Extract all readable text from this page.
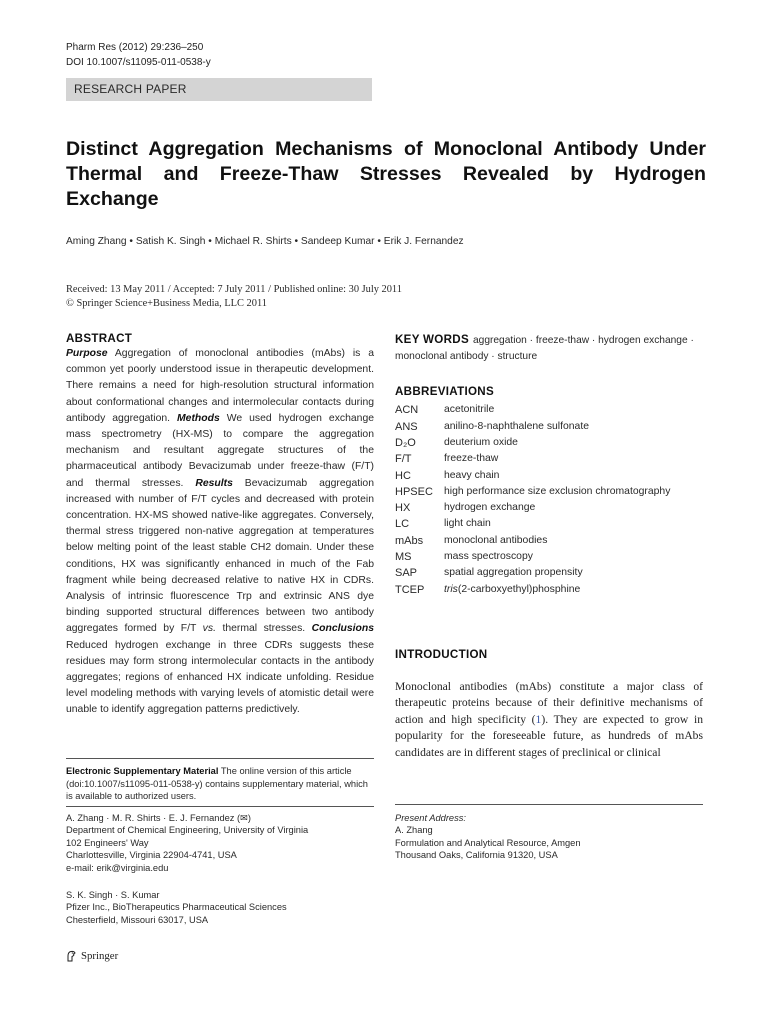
Pharm Res (2012) 29:236–250
DOI 10.1007/s11095-011-0538-y
RESEARCH PAPER
Distinct Aggregation Mechanisms of Monoclonal Antibody Under Thermal and Freeze-Thaw Stresses Revealed by Hydrogen Exchange
Aming Zhang • Satish K. Singh • Michael R. Shirts • Sandeep Kumar • Erik J. Fernandez
Received: 13 May 2011 / Accepted: 7 July 2011 / Published online: 30 July 2011
© Springer Science+Business Media, LLC 2011
ABSTRACT
Purpose Aggregation of monoclonal antibodies (mAbs) is a common yet poorly understood issue in therapeutic development. There remains a need for high-resolution structural information about conformational changes and intermolecular contacts during antibody aggregation. Methods We used hydrogen exchange mass spectrometry (HX-MS) to compare the aggregation mechanism and resultant aggregate structures of the pharmaceutical antibody Bevacizumab under freeze-thaw (F/T) and thermal stresses. Results Bevacizumab aggregation increased with number of F/T cycles and decreased with protein concentration. HX-MS showed native-like aggregates. Conversely, thermal stress triggered non-native aggregation at temperatures below melting point of the least stable CH2 domain. Under these conditions, HX was significantly enhanced in much of the Fab fragment while being decreased relative to native HX in CDRs. Analysis of intrinsic fluorescence Trp and extrinsic ANS dye binding supported structural differences between two antibody aggregates formed by F/T vs. thermal stresses. Conclusions Reduced hydrogen exchange in three CDRs suggests these residues may form strong intermolecular contacts in the antibody aggregates; regions of enhanced HX indicate unfolding. Residue level modeling methods with varying levels of atomistic detail were unable to identify aggregation patterns predictively.
KEY WORDS aggregation · freeze-thaw · hydrogen exchange · monoclonal antibody · structure
ABBREVIATIONS
ACN	acetonitrile
ANS	anilino-8-naphthalene sulfonate
D₂O	deuterium oxide
F/T	freeze-thaw
HC	heavy chain
HPSEC	high performance size exclusion chromatography
HX	hydrogen exchange
LC	light chain
mAbs	monoclonal antibodies
MS	mass spectroscopy
SAP	spatial aggregation propensity
TCEP	tris(2-carboxyethyl)phosphine
INTRODUCTION
Monoclonal antibodies (mAbs) constitute a major class of therapeutic proteins because of their definitive mechanisms of action and high specificity (1). They are expected to grow in popularity for the foreseeable future, as hundreds of mAbs candidates are in different stages of preclinical or clinical
Electronic Supplementary Material The online version of this article (doi:10.1007/s11095-011-0538-y) contains supplementary material, which is available to authorized users.
A. Zhang · M. R. Shirts · E. J. Fernandez (✉)
Department of Chemical Engineering, University of Virginia
102 Engineers' Way
Charlottesville, Virginia 22904-4741, USA
e-mail: erik@virginia.edu
S. K. Singh · S. Kumar
Pfizer Inc., BioTherapeutics Pharmaceutical Sciences
Chesterfield, Missouri 63017, USA
Present Address:
A. Zhang
Formulation and Analytical Resource, Amgen
Thousand Oaks, California 91320, USA
Springer
